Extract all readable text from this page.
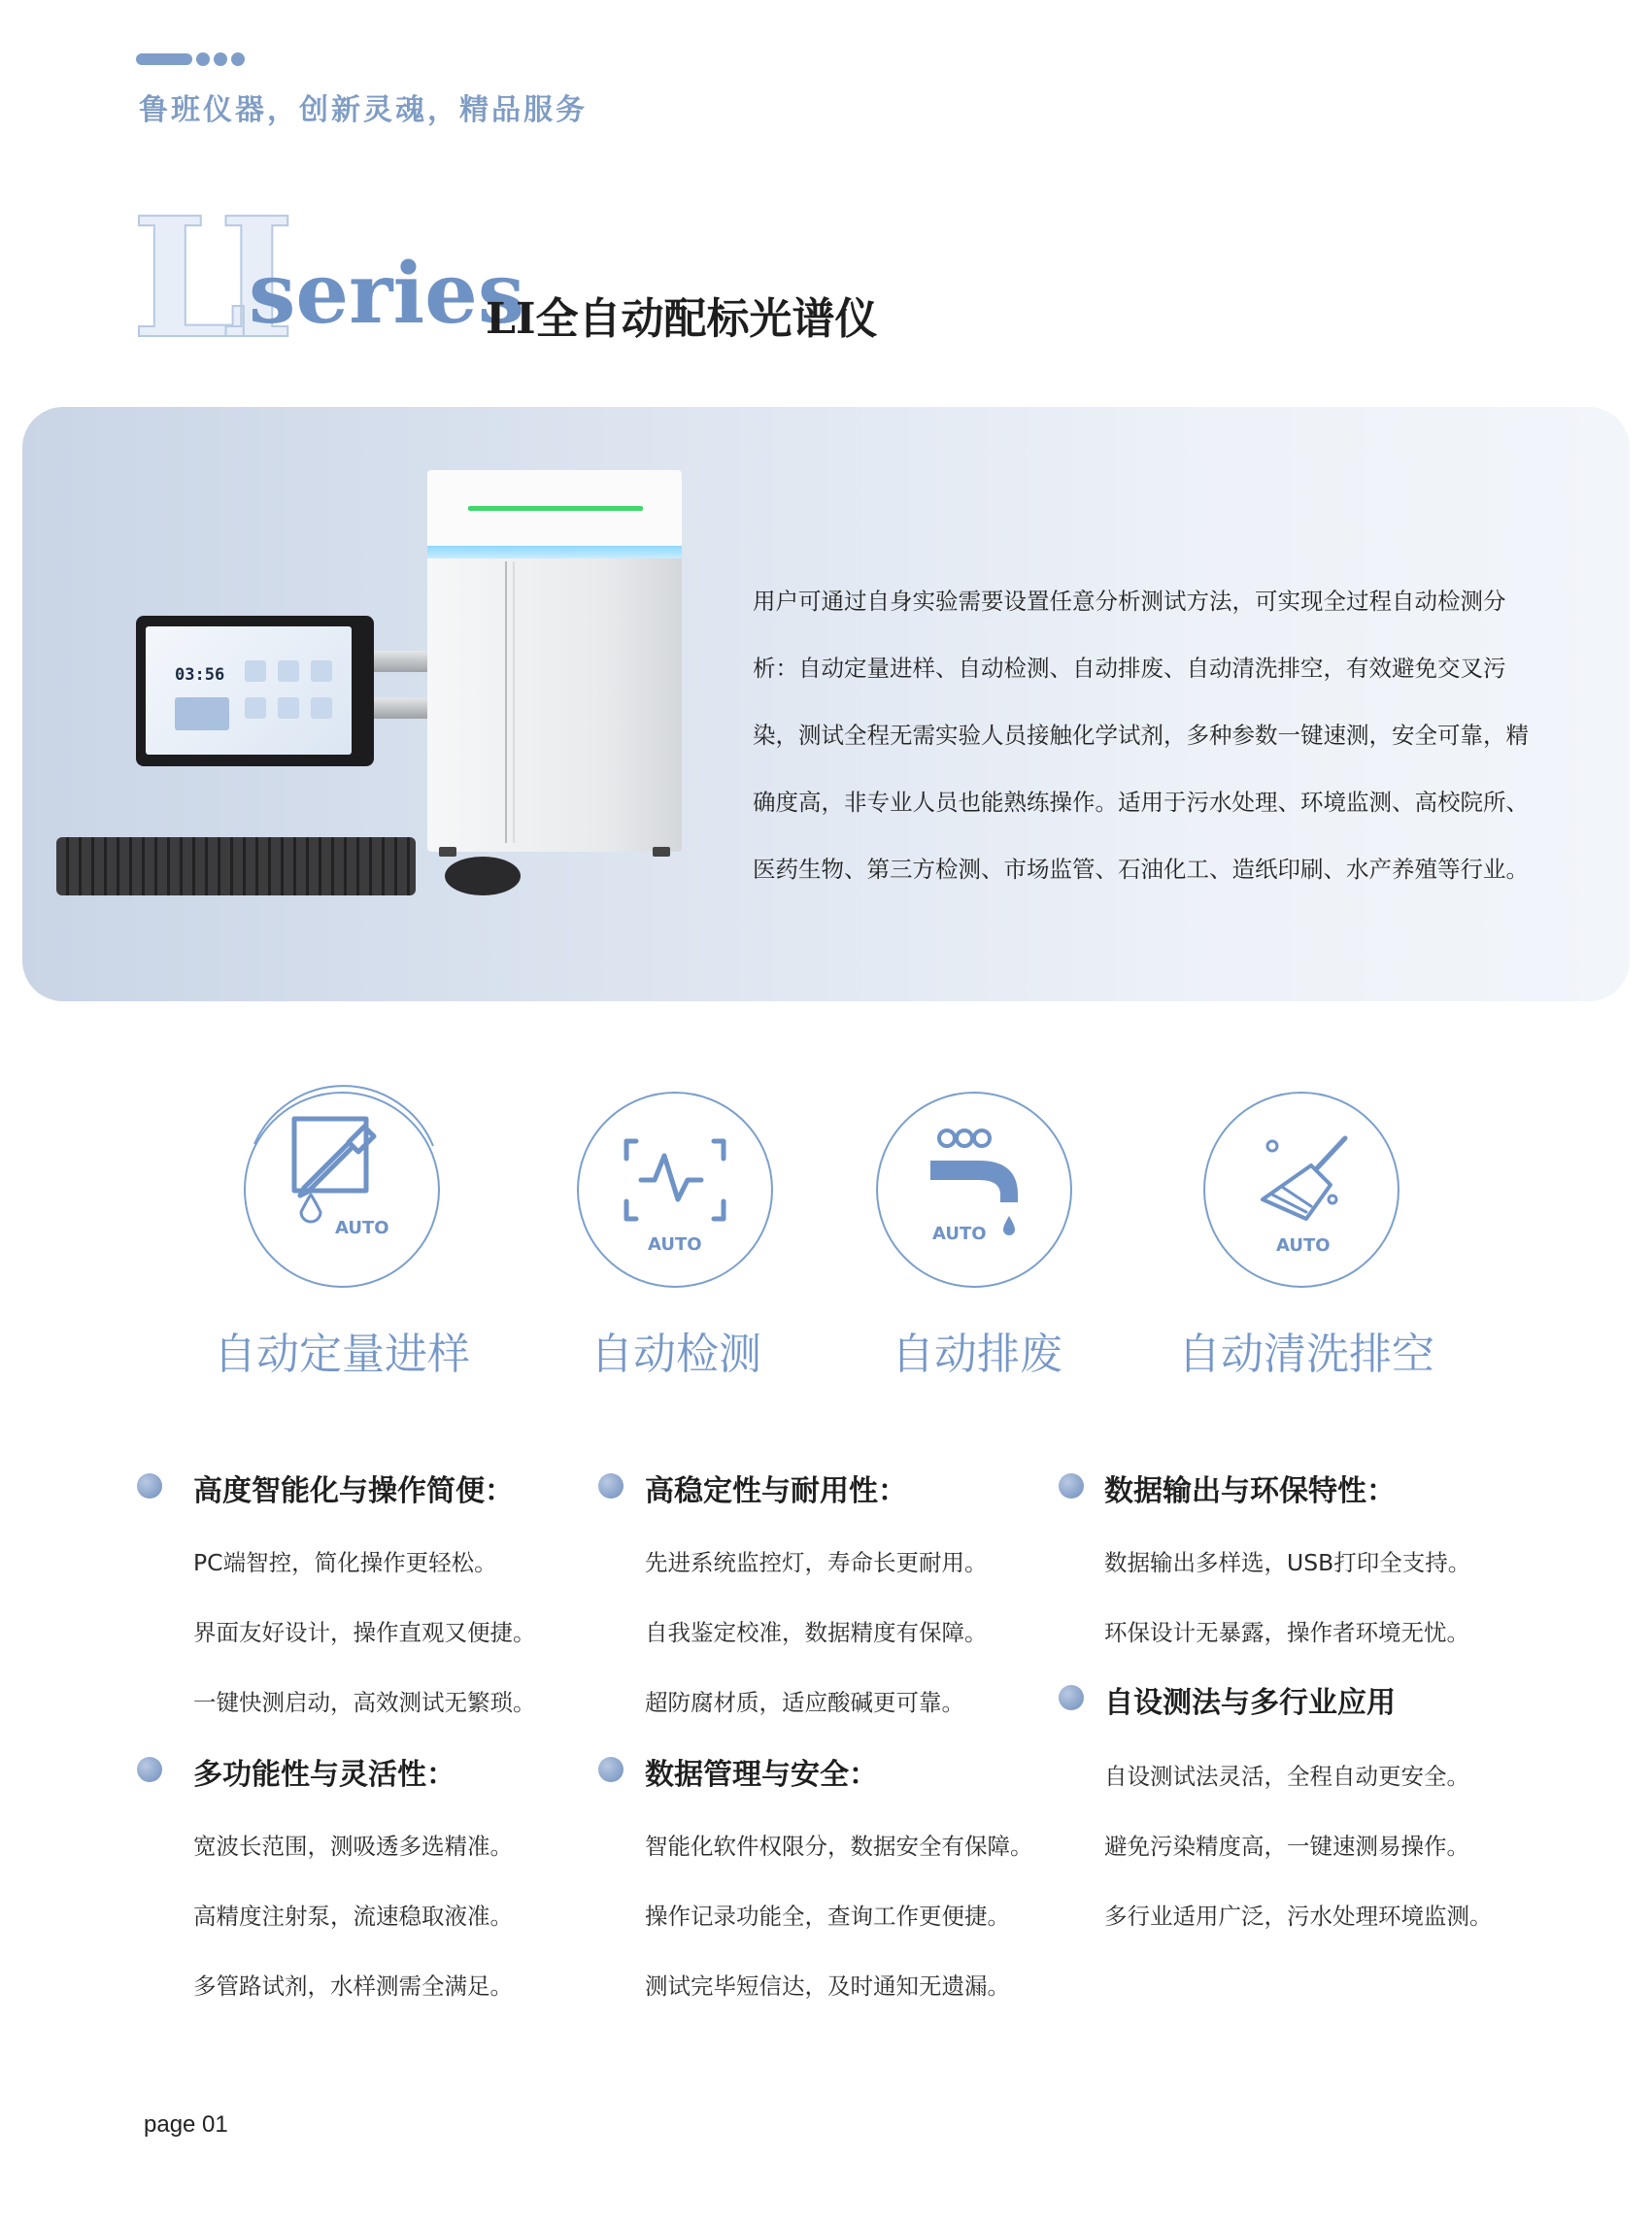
鲁班仪器，创新灵魂，精品服务
LI
series
LI全自动配标光谱仪
03:56
用户可通过自身实验需要设置任意分析测试方法，可实现全过程自动检测分析：自动定量进样、自动检测、自动排废、自动清洗排空，有效避免交叉污染，测试全程无需实验人员接触化学试剂，多种参数一键速测，安全可靠，精确度高，非专业人员也能熟练操作。适用于污水处理、环境监测、高校院所、医药生物、第三方检测、市场监管、石油化工、造纸印刷、水产养殖等行业。
AUTO
AUTO
AUTO
AUTO
自动定量进样	自动检测	自动排废	自动清洗排空
高度智能化与操作简便：
PC端智控，简化操作更轻松。
界面友好设计，操作直观又便捷。
一键快测启动，高效测试无繁琐。
多功能性与灵活性：
宽波长范围，测吸透多选精准。
高精度注射泵，流速稳取液准。
多管路试剂，水样测需全满足。
高稳定性与耐用性：
先进系统监控灯，寿命长更耐用。
自我鉴定校准，数据精度有保障。
超防腐材质，适应酸碱更可靠。
数据管理与安全：
智能化软件权限分，数据安全有保障。
操作记录功能全，查询工作更便捷。
测试完毕短信达，及时通知无遗漏。
数据输出与环保特性：
数据输出多样选，USB打印全支持。
环保设计无暴露，操作者环境无忧。
自设测法与多行业应用
自设测试法灵活，全程自动更安全。
避免污染精度高，一键速测易操作。
多行业适用广泛，污水处理环境监测。
page 01
